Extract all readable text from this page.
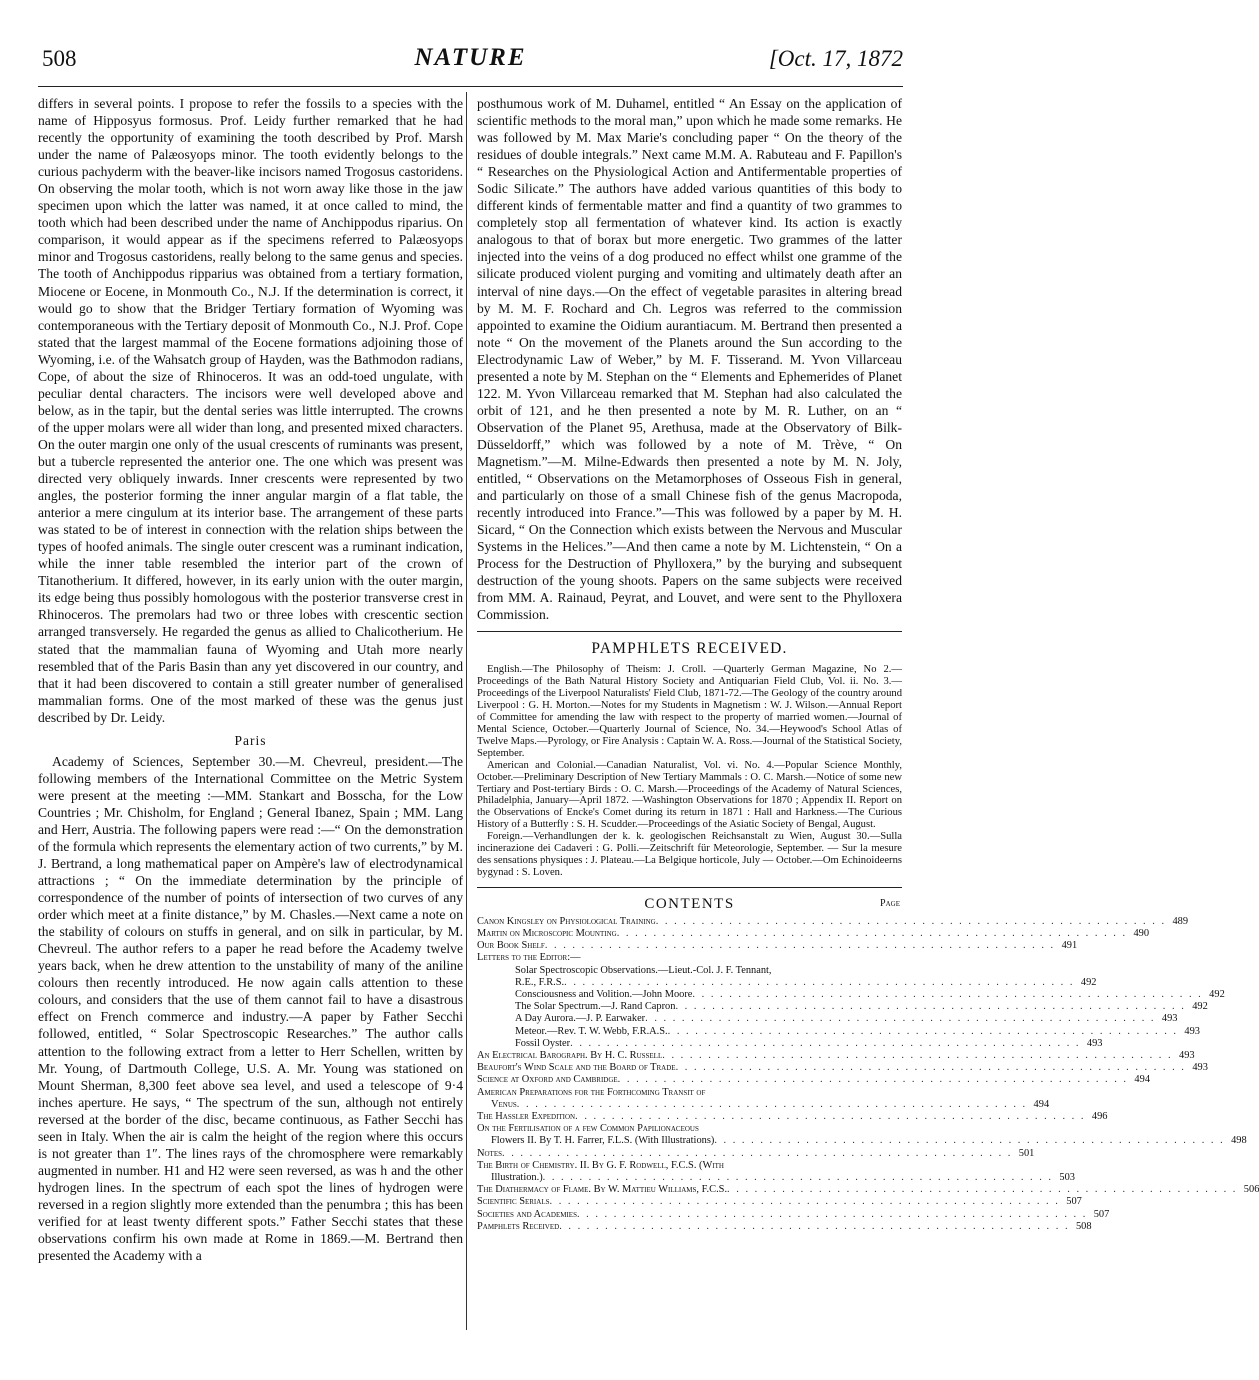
508	NATURE	[Oct. 17, 1872

differs in several points. I propose to refer the fossils to a species with the name of Hipposyus formosus. Prof. Leidy further remarked that he had recently the opportunity of examining the tooth described by Prof. Marsh under the name of Palæosyops minor. The tooth evidently belongs to the curious pachyderm with the beaver-like incisors named Trogosus castoridens. On observing the molar tooth, which is not worn away like those in the jaw specimen upon which the latter was named, it at once called to mind, the tooth which had been described under the name of Anchippodus riparius. On comparison, it would appear as if the specimens referred to Palæosyops minor and Trogosus castoridens, really belong to the same genus and species. The tooth of Anchippodus ripparius was obtained from a tertiary formation, Miocene or Eocene, in Monmouth Co., N.J. If the determination is correct, it would go to show that the Bridger Tertiary formation of Wyoming was contemporaneous with the Tertiary deposit of Monmouth Co., N.J. Prof. Cope stated that the largest mammal of the Eocene formations adjoining those of Wyoming, i.e. of the Wahsatch group of Hayden, was the Bathmodon radians, Cope, of about the size of Rhinoceros. It was an odd-toed ungulate, with peculiar dental characters. The incisors were well developed above and below, as in the tapir, but the dental series was little interrupted. The crowns of the upper molars were all wider than long, and presented mixed characters. On the outer margin one only of the usual crescents of ruminants was present, but a tubercle represented the anterior one. The one which was present was directed very obliquely inwards. Inner crescents were represented by two angles, the posterior forming the inner angular margin of a flat table, the anterior a mere cingulum at its interior base. The arrangement of these parts was stated to be of interest in connection with the relation ships between the types of hoofed animals. The single outer crescent was a ruminant indication, while the inner table resembled the interior part of the crown of Titanotherium. It differed, however, in its early union with the outer margin, its edge being thus possibly homologous with the posterior transverse crest in Rhinoceros. The premolars had two or three lobes with crescentic section arranged transversely. He regarded the genus as allied to Chalicotherium. He stated that the mammalian fauna of Wyoming and Utah more nearly resembled that of the Paris Basin than any yet discovered in our country, and that it had been discovered to contain a still greater number of generalised mammalian forms. One of the most marked of these was the genus just described by Dr. Leidy.

Paris

Academy of Sciences, September 30.—M. Chevreul, president.—The following members of the International Committee on the Metric System were present at the meeting :—MM. Stankart and Bosscha, for the Low Countries ; Mr. Chisholm, for England ; General Ibanez, Spain ; MM. Lang and Herr, Austria. The following papers were read :—“ On the demonstration of the formula which represents the elementary action of two currents,” by M. J. Bertrand, a long mathematical paper on Ampère's law of electrodynamical attractions ; “ On the immediate determination by the principle of correspondence of the number of points of intersection of two curves of any order which meet at a finite distance,” by M. Chasles.—Next came a note on the stability of colours on stuffs in general, and on silk in particular, by M. Chevreul. The author refers to a paper he read before the Academy twelve years back, when he drew attention to the unstability of many of the aniline colours then recently introduced. He now again calls attention to these colours, and considers that the use of them cannot fail to have a disastrous effect on French commerce and industry.—A paper by Father Secchi followed, entitled, “ Solar Spectroscopic Researches.” The author calls attention to the following extract from a letter to Herr Schellen, written by Mr. Young, of Dartmouth College, U.S. A. Mr. Young was stationed on Mount Sherman, 8,300 feet above sea level, and used a telescope of 9·4 inches aperture. He says, “ The spectrum of the sun, although not entirely reversed at the border of the disc, became continuous, as Father Secchi has seen in Italy. When the air is calm the height of the region where this occurs is not greater than 1″. The lines rays of the chromosphere were remarkably augmented in number. H1 and H2 were seen reversed, as was h and the other hydrogen lines. In the spectrum of each spot the lines of hydrogen were reversed in a region slightly more extended than the penumbra ; this has been verified for at least twenty different spots.” Father Secchi states that these observations confirm his own made at Rome in 1869.—M. Bertrand then presented the Academy with a

posthumous work of M. Duhamel, entitled “ An Essay on the application of scientific methods to the moral man,” upon which he made some remarks. He was followed by M. Max Marie's concluding paper “ On the theory of the residues of double integrals.” Next came M.M. A. Rabuteau and F. Papillon's “ Researches on the Physiological Action and Antifermentable properties of Sodic Silicate.” The authors have added various quantities of this body to different kinds of fermentable matter and find a quantity of two grammes to completely stop all fermentation of whatever kind. Its action is exactly analogous to that of borax but more energetic. Two grammes of the latter injected into the veins of a dog produced no effect whilst one gramme of the silicate produced violent purging and vomiting and ultimately death after an interval of nine days.—On the effect of vegetable parasites in altering bread by M. M. F. Rochard and Ch. Legros was referred to the commission appointed to examine the Oidium aurantiacum. M. Bertrand then presented a note “ On the movement of the Planets around the Sun according to the Electrodynamic Law of Weber,” by M. F. Tisserand. M. Yvon Villarceau presented a note by M. Stephan on the “ Elements and Ephemerides of Planet 122. M. Yvon Villarceau remarked that M. Stephan had also calculated the orbit of 121, and he then presented a note by M. R. Luther, on an “ Observation of the Planet 95, Arethusa, made at the Observatory of Bilk-Düsseldorff,” which was followed by a note of M. Trève, “ On Magnetism.”—M. Milne-Edwards then presented a note by M. N. Joly, entitled, “ Observations on the Metamorphoses of Osseous Fish in general, and particularly on those of a small Chinese fish of the genus Macropoda, recently introduced into France.”—This was followed by a paper by M. H. Sicard, “ On the Connection which exists between the Nervous and Muscular Systems in the Helices.”—And then came a note by M. Lichtenstein, “ On a Process for the Destruction of Phylloxera,” by the burying and subsequent destruction of the young shoots. Papers on the same subjects were received from MM. A. Rainaud, Peyrat, and Louvet, and were sent to the Phylloxera Commission.

PAMPHLETS RECEIVED.

English.—The Philosophy of Theism: J. Croll. —Quarterly German Magazine, No 2.—Proceedings of the Bath Natural History Society and Antiquarian Field Club, Vol. ii. No. 3.—Proceedings of the Liverpool Naturalists' Field Club, 1871-72.—The Geology of the country around Liverpool : G. H. Morton.—Notes for my Students in Magnetism : W. J. Wilson.—Annual Report of Committee for amending the law with respect to the property of married women.—Journal of Mental Science, October.—Quarterly Journal of Science, No. 34.—Heywood's School Atlas of Twelve Maps.—Pyrology, or Fire Analysis : Captain W. A. Ross.—Journal of the Statistical Society, September.

American and Colonial.—Canadian Naturalist, Vol. vi. No. 4.—Popular Science Monthly, October.—Preliminary Description of New Tertiary Mammals : O. C. Marsh.—Notice of some new Tertiary and Post-tertiary Birds : O. C. Marsh.—Proceedings of the Academy of Natural Sciences, Philadelphia, January—April 1872. —Washington Observations for 1870 ; Appendix II. Report on the Observations of Encke's Comet during its return in 1871 : Hall and Harkness.—The Curious History of a Butterfly : S. H. Scudder.—Proceedings of the Asiatic Society of Bengal, August.

Foreign.—Verhandlungen der k. k. geologischen Reichsanstalt zu Wien, August 30.—Sulla incinerazione dei Cadaveri : G. Polli.—Zeitschrift für Meteorologie, September. — Sur la mesure des sensations physiques : J. Plateau.—La Belgique horticole, July — October.—Om Echinoideerns bygynad : S. Loven.

CONTENTS	Page
Canon Kingsley on Physiological Training . . .	489
Martin on Microscopic Mounting . . .	490
Our Book Shelf . . .	491
Letters to the Editor:—
Solar Spectroscopic Observations.—Lieut.-Col. J. F. Tennant,
R.E., F.R.S. . . .	492
Consciousness and Volition.—John Moore . . .	492
The Solar Spectrum.—J. Rand Capron . . .	492
A Day Aurora.—J. P. Earwaker . . .	493
Meteor.—Rev. T. W. Webb, F.R.A.S. . . .	493
Fossil Oyster . . .	493
An Electrical Barograph. By H. C. Russell . . .	493
Beaufort's Wind Scale and the Board of Trade . . .	493
Science at Oxford and Cambridge . . .	494
American Preparations for the Forthcoming Transit of
Venus . . .	494
The Hassler Expedition . . .	496
On the Fertilisation of a few Common Papilionaceous
Flowers II. By T. H. Farrer, F.L.S. (With Illustrations) . . .	498
Notes . . .	501
The Birth of Chemistry. II. By G. F. Rodwell, F.C.S. (With
Illustration.) . . .	503
The Diathermacy of Flame. By W. Mattieu Williams, F.C.S. . . .	506
Scientific Serials . . .	507
Societies and Academies . . .	507
Pamphlets Received . . .	508
